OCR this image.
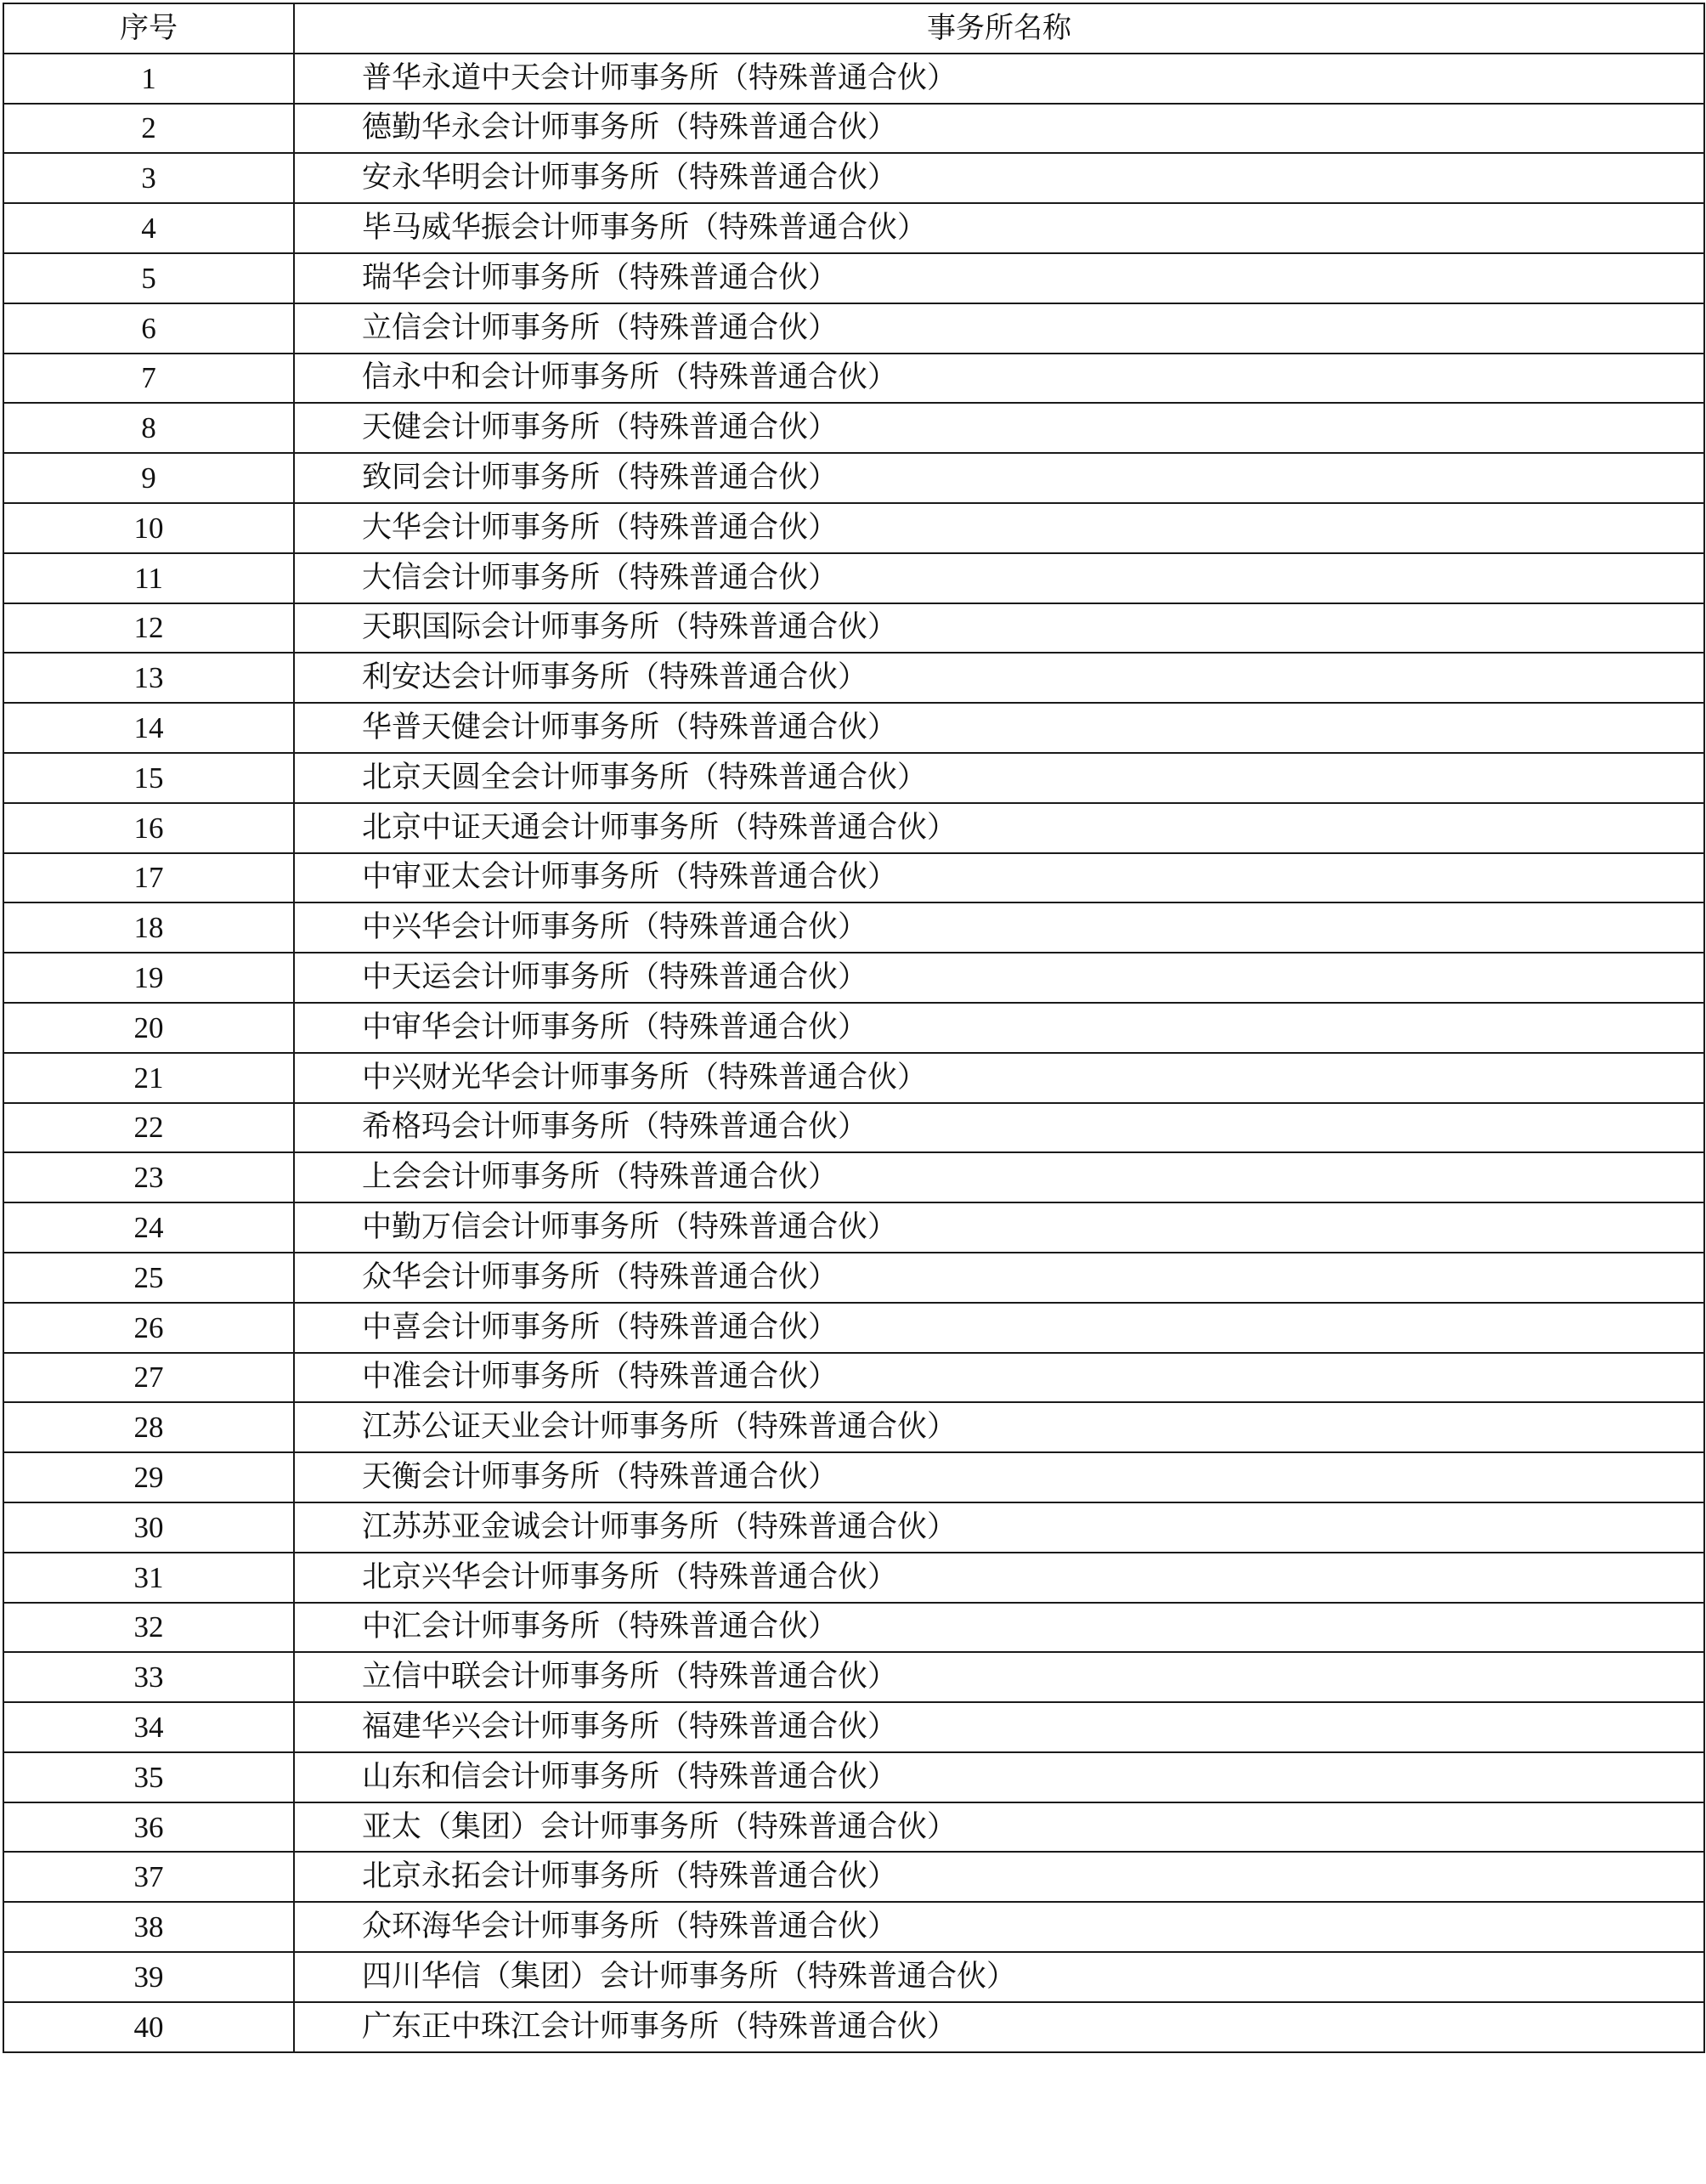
序号	事务所名称
1	普华永道中天会计师事务所（特殊普通合伙）
2	德勤华永会计师事务所（特殊普通合伙）
3	安永华明会计师事务所（特殊普通合伙）
4	毕马威华振会计师事务所（特殊普通合伙）
5	瑞华会计师事务所（特殊普通合伙）
6	立信会计师事务所（特殊普通合伙）
7	信永中和会计师事务所（特殊普通合伙）
8	天健会计师事务所（特殊普通合伙）
9	致同会计师事务所（特殊普通合伙）
10	大华会计师事务所（特殊普通合伙）
11	大信会计师事务所（特殊普通合伙）
12	天职国际会计师事务所（特殊普通合伙）
13	利安达会计师事务所（特殊普通合伙）
14	华普天健会计师事务所（特殊普通合伙）
15	北京天圆全会计师事务所（特殊普通合伙）
16	北京中证天通会计师事务所（特殊普通合伙）
17	中审亚太会计师事务所（特殊普通合伙）
18	中兴华会计师事务所（特殊普通合伙）
19	中天运会计师事务所（特殊普通合伙）
20	中审华会计师事务所（特殊普通合伙）
21	中兴财光华会计师事务所（特殊普通合伙）
22	希格玛会计师事务所（特殊普通合伙）
23	上会会计师事务所（特殊普通合伙）
24	中勤万信会计师事务所（特殊普通合伙）
25	众华会计师事务所（特殊普通合伙）
26	中喜会计师事务所（特殊普通合伙）
27	中准会计师事务所（特殊普通合伙）
28	江苏公证天业会计师事务所（特殊普通合伙）
29	天衡会计师事务所（特殊普通合伙）
30	江苏苏亚金诚会计师事务所（特殊普通合伙）
31	北京兴华会计师事务所（特殊普通合伙）
32	中汇会计师事务所（特殊普通合伙）
33	立信中联会计师事务所（特殊普通合伙）
34	福建华兴会计师事务所（特殊普通合伙）
35	山东和信会计师事务所（特殊普通合伙）
36	亚太（集团）会计师事务所（特殊普通合伙）
37	北京永拓会计师事务所（特殊普通合伙）
38	众环海华会计师事务所（特殊普通合伙）
39	四川华信（集团）会计师事务所（特殊普通合伙）
40	广东正中珠江会计师事务所（特殊普通合伙）
